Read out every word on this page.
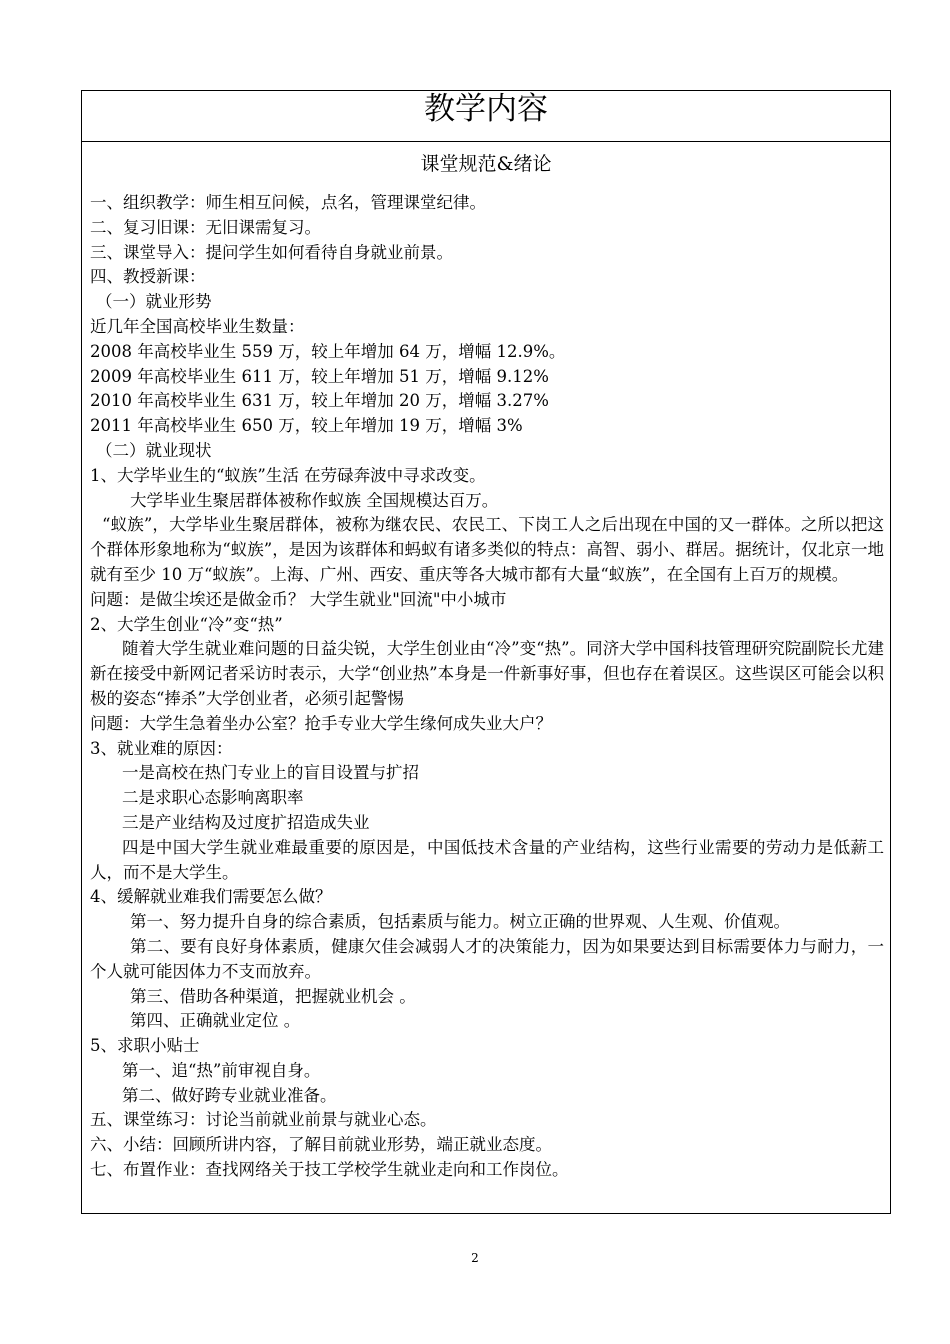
教学内容
课堂规范&绪论
一、组织教学：师生相互问候，点名，管理课堂纪律。
二、复习旧课：无旧课需复习。
三、课堂导入：提问学生如何看待自身就业前景。
四、教授新课：
（一）就业形势
近几年全国高校毕业生数量：
2008 年高校毕业生 559 万，较上年增加 64 万，增幅 12.9%。
2009 年高校毕业生 611 万，较上年增加 51 万，增幅 9.12%
2010 年高校毕业生 631 万，较上年增加 20 万，增幅 3.27%
2011 年高校毕业生 650 万，较上年增加 19 万，增幅 3%
（二）就业现状
1、大学毕业生的“蚁族”生活 在劳碌奔波中寻求改变。
大学毕业生聚居群体被称作蚁族 全国规模达百万。
“蚁族”，大学毕业生聚居群体，被称为继农民、农民工、下岗工人之后出现在中国的又一群体。之所以把这个群体形象地称为“蚁族”，是因为该群体和蚂蚁有诸多类似的特点：高智、弱小、群居。据统计，仅北京一地就有至少 10 万“蚁族”。上海、广州、西安、重庆等各大城市都有大量“蚁族”，在全国有上百万的规模。
问题：是做尘埃还是做金币？ 大学生就业"回流"中小城市
2、大学生创业“冷”变“热”
随着大学生就业难问题的日益尖锐，大学生创业由“冷”变“热”。同济大学中国科技管理研究院副院长尤建新在接受中新网记者采访时表示，大学“创业热”本身是一件新事好事，但也存在着误区。这些误区可能会以积极的姿态“捧杀”大学创业者，必须引起警惕
问题：大学生急着坐办公室？抢手专业大学生缘何成失业大户？
3、就业难的原因：
一是高校在热门专业上的盲目设置与扩招
二是求职心态影响离职率
三是产业结构及过度扩招造成失业
四是中国大学生就业难最重要的原因是，中国低技术含量的产业结构，这些行业需要的劳动力是低薪工人，而不是大学生。
4、缓解就业难我们需要怎么做？
第一、努力提升自身的综合素质，包括素质与能力。树立正确的世界观、人生观、价值观。
第二、要有良好身体素质，健康欠佳会减弱人才的决策能力，因为如果要达到目标需要体力与耐力，一个人就可能因体力不支而放弃。
第三、借助各种渠道，把握就业机会 。
第四、正确就业定位 。
5、求职小贴士
第一、追“热”前审视自身。
第二、做好跨专业就业准备。
五、课堂练习：讨论当前就业前景与就业心态。
六、小结：回顾所讲内容，了解目前就业形势，端正就业态度。
七、布置作业：查找网络关于技工学校学生就业走向和工作岗位。
2
